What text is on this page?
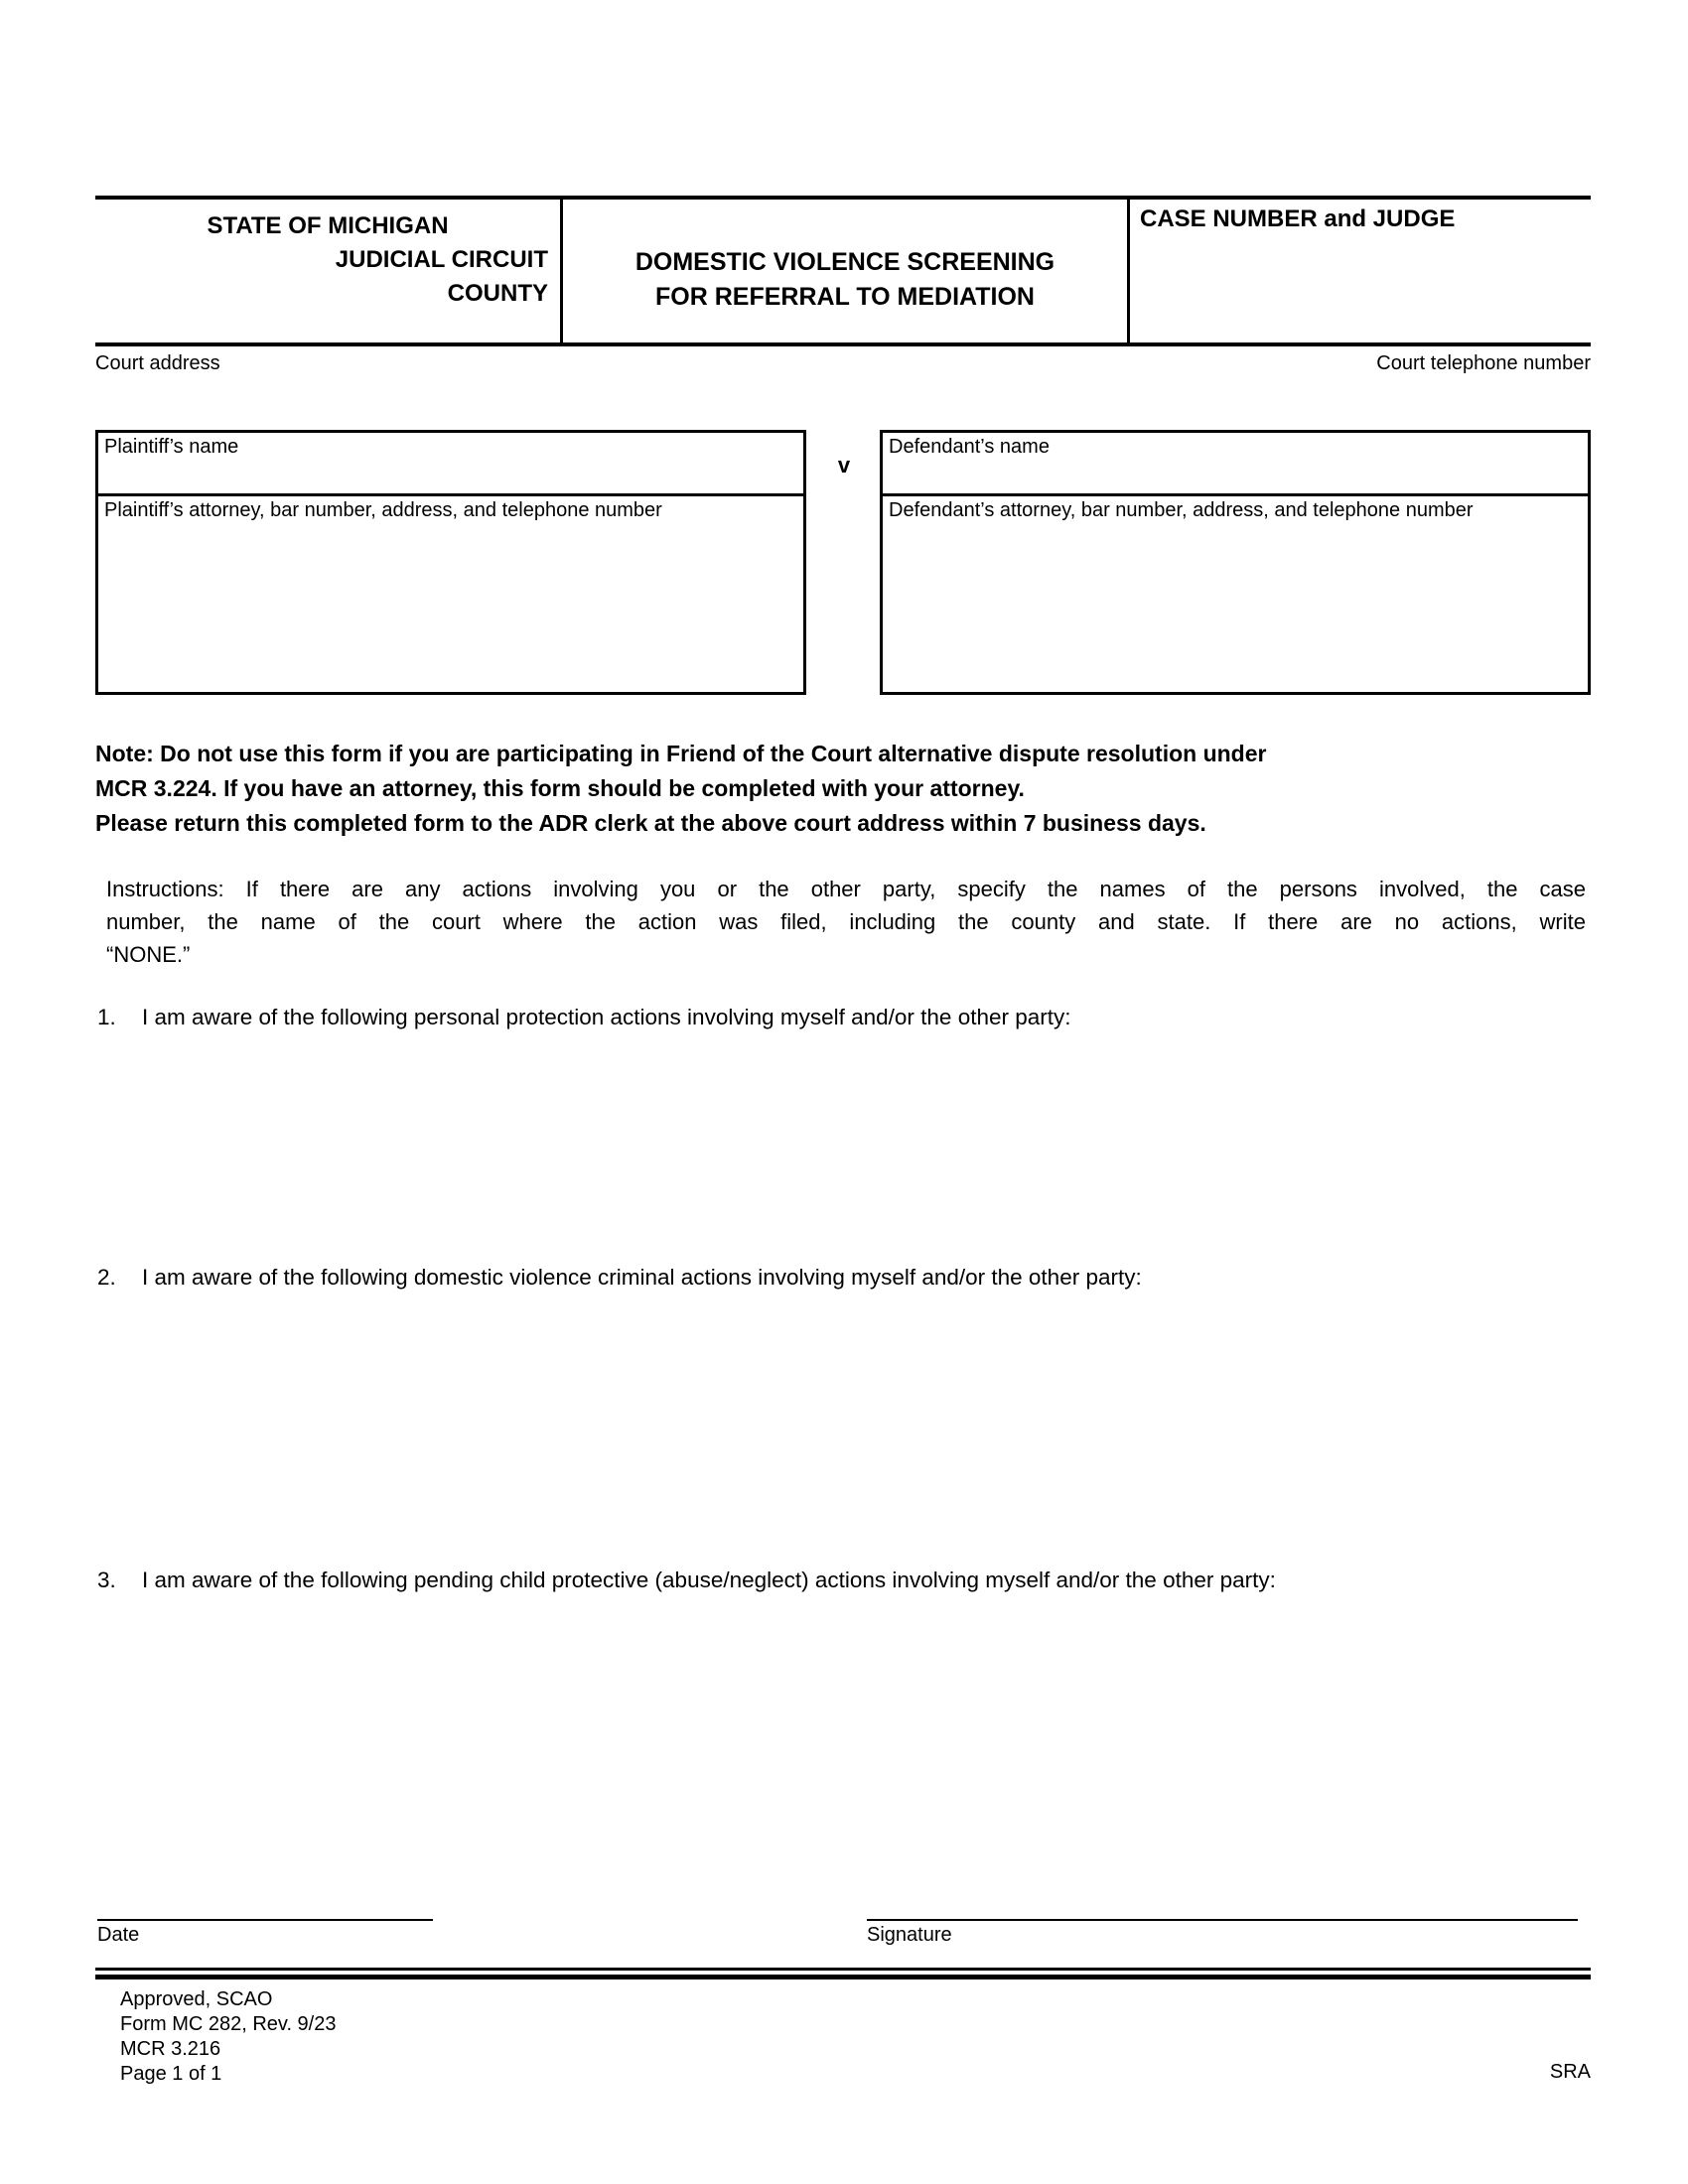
STATE OF MICHIGAN
JUDICIAL CIRCUIT
COUNTY
DOMESTIC VIOLENCE SCREENING
FOR REFERRAL TO MEDIATION
CASE NUMBER and JUDGE
Court address	Court telephone number
Plaintiff’s name
Plaintiff’s attorney, bar number, address, and telephone number
v
Defendant’s name
Defendant’s attorney, bar number, address, and telephone number
Note: Do not use this form if you are participating in Friend of the Court alternative dispute resolution under
MCR 3.224. If you have an attorney, this form should be completed with your attorney.
Please return this completed form to the ADR clerk at the above court address within 7 business days.
Instructions: If there are any actions involving you or the other party, specify the names of the persons involved, the case
number, the name of the court where the action was filed, including the county and state. If there are no actions, write
“NONE.”
1. I am aware of the following personal protection actions involving myself and/or the other party:
2. I am aware of the following domestic violence criminal actions involving myself and/or the other party:
3. I am aware of the following pending child protective (abuse/neglect) actions involving myself and/or the other party:
Date	Signature
Approved, SCAO
Form MC 282, Rev. 9/23
MCR 3.216
Page 1 of 1	SRA
